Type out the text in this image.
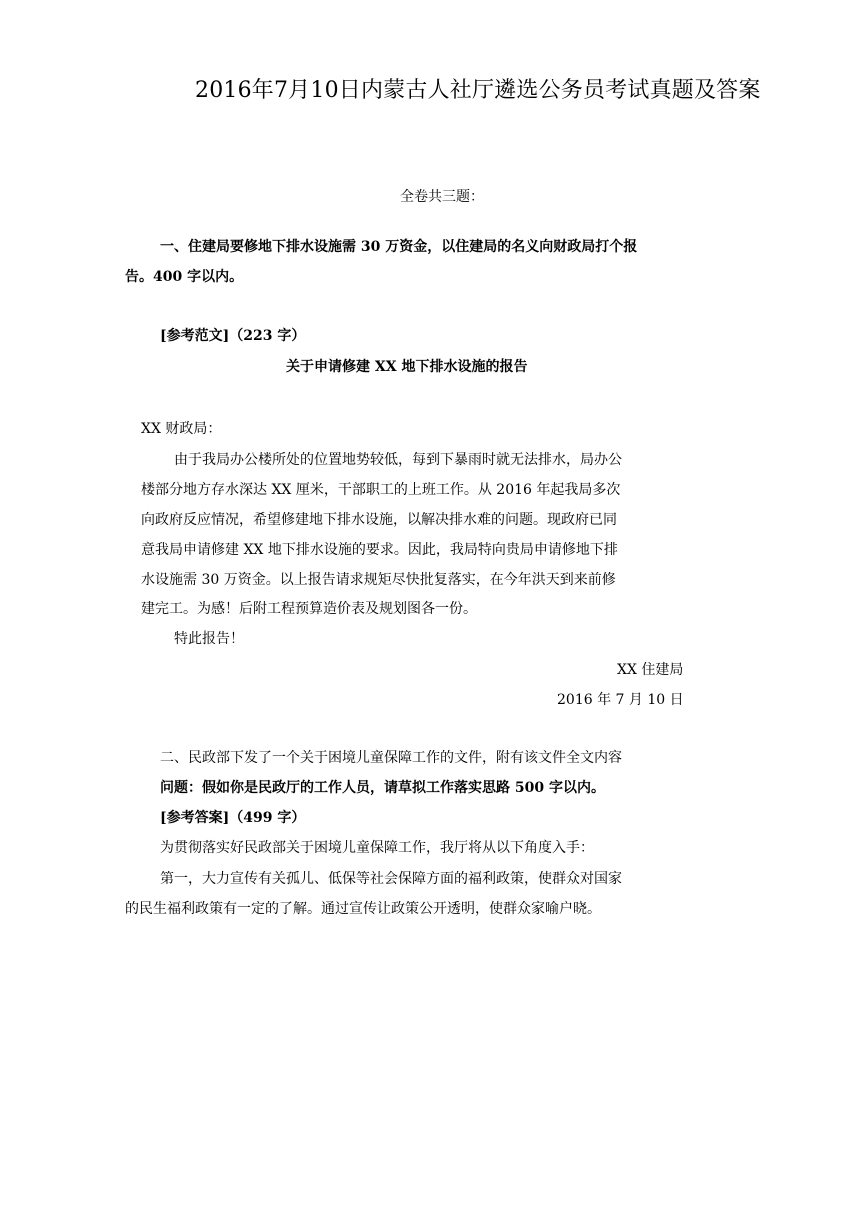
2016年7月10日内蒙古人社厅遴选公务员考试真题及答案
全卷共三题：
一、住建局要修地下排水设施需 30 万资金，以住建局的名义向财政局打个报
告。400 字以内。
[参考范文]（223 字）
关于申请修建 XX 地下排水设施的报告
XX 财政局：
由于我局办公楼所处的位置地势较低，每到下暴雨时就无法排水，局办公
楼部分地方存水深达 XX 厘米，干部职工的上班工作。从 2016 年起我局多次
向政府反应情况，希望修建地下排水设施，以解决排水难的问题。现政府已同
意我局申请修建 XX 地下排水设施的要求。因此，我局特向贵局申请修地下排
水设施需 30 万资金。以上报告请求规矩尽快批复落实，在今年洪天到来前修
建完工。为感！后附工程预算造价表及规划图各一份。
特此报告！
XX 住建局
2016 年 7 月 10 日
二、民政部下发了一个关于困境儿童保障工作的文件，附有该文件全文内容
问题：假如你是民政厅的工作人员，请草拟工作落实思路 500 字以内。
[参考答案]（499 字）
为贯彻落实好民政部关于困境儿童保障工作，我厅将从以下角度入手：
第一，大力宣传有关孤儿、低保等社会保障方面的福利政策，使群众对国家
的民生福利政策有一定的了解。通过宣传让政策公开透明，使群众家喻户晓。
